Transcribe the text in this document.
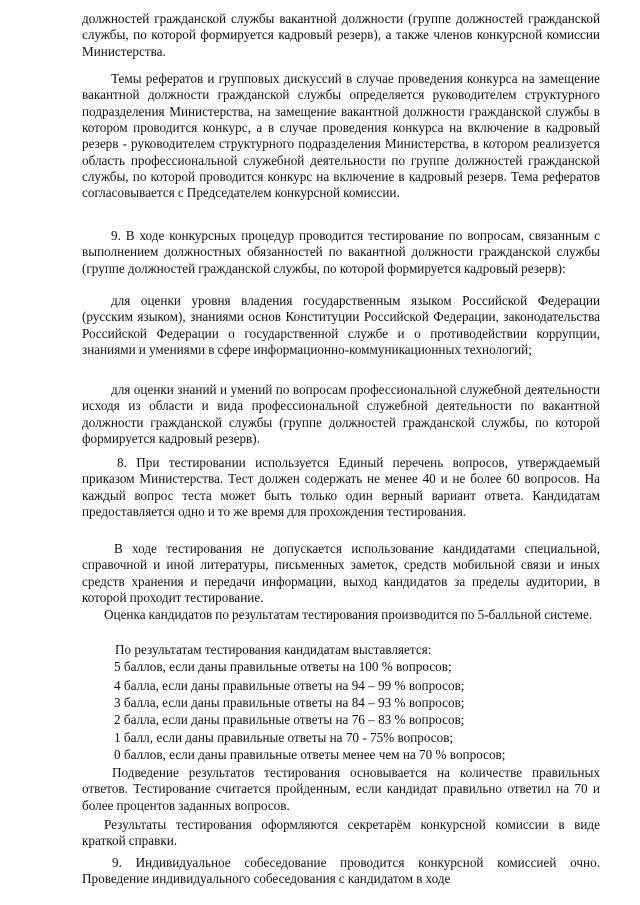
должностей гражданской службы вакантной должности (группе должностей гражданской службы, по которой формируется кадровый резерв), а также членов конкурсной комиссии Министерства.

Темы рефератов и групповых дискуссий в случае проведения конкурса на замещение вакантной должности гражданской службы определяется руководителем структурного подразделения Министерства, на замещение вакантной должности гражданской службы в котором проводится конкурс, а в случае проведения конкурса на включение в кадровый резерв - руководителем структурного подразделения Министерства, в котором реализуется область профессиональной служебной деятельности по группе должностей гражданской службы, по которой проводится конкурс на включение в кадровый резерв. Тема рефератов согласовывается с Председателем конкурсной комиссии.

9. В ходе конкурсных процедур проводится тестирование по вопросам, связанным с выполнением должностных обязанностей по вакантной должности гражданской службы (группе должностей гражданской службы, по которой формируется кадровый резерв):

для оценки уровня владения государственным языком Российской Федерации (русским языком), знаниями основ Конституции Российской Федерации, законодательства Российской Федерации о государственной службе и о противодействии коррупции, знаниями и умениями в сфере информационно-коммуникационных технологий;

для оценки знаний и умений по вопросам профессиональной служебной деятельности исходя из области и вида профессиональной служебной деятельности по вакантной должности гражданской службы (группе должностей гражданской службы, по которой формируется кадровый резерв).

8. При тестировании используется Единый перечень вопросов, утверждаемый приказом Министерства. Тест должен содержать не менее 40 и не более 60 вопросов. На каждый вопрос теста может быть только один верный вариант ответа. Кандидатам предоставляется одно и то же время для прохождения тестирования.

В ходе тестирования не допускается использование кандидатами специальной, справочной и иной литературы, письменных заметок, средств мобильной связи и иных средств хранения и передачи информации, выход кандидатов за пределы аудитории, в которой проходит тестирование.

Оценка кандидатов по результатам тестирования производится по 5-балльной системе.

По результатам тестирования кандидатам выставляется:

5 баллов, если даны правильные ответы на 100 % вопросов;

4 балла, если даны правильные ответы на 94 – 99 % вопросов;

3 балла, если даны правильные ответы на 84 – 93 % вопросов;

2 балла, если даны правильные ответы на 76 – 83 % вопросов;

1 балл, если даны правильные ответы на 70 - 75% вопросов;

0 баллов, если даны правильные ответы менее чем на 70 % вопросов;

Подведение результатов тестирования основывается на количестве правильных ответов. Тестирование считается пройденным, если кандидат правильно ответил на 70 и более процентов заданных вопросов.

Результаты тестирования оформляются секретарём конкурсной комиссии в виде краткой справки.

9. Индивидуальное собеседование проводится конкурсной комиссией очно. Проведение индивидуального собеседования с кандидатом в ходе
